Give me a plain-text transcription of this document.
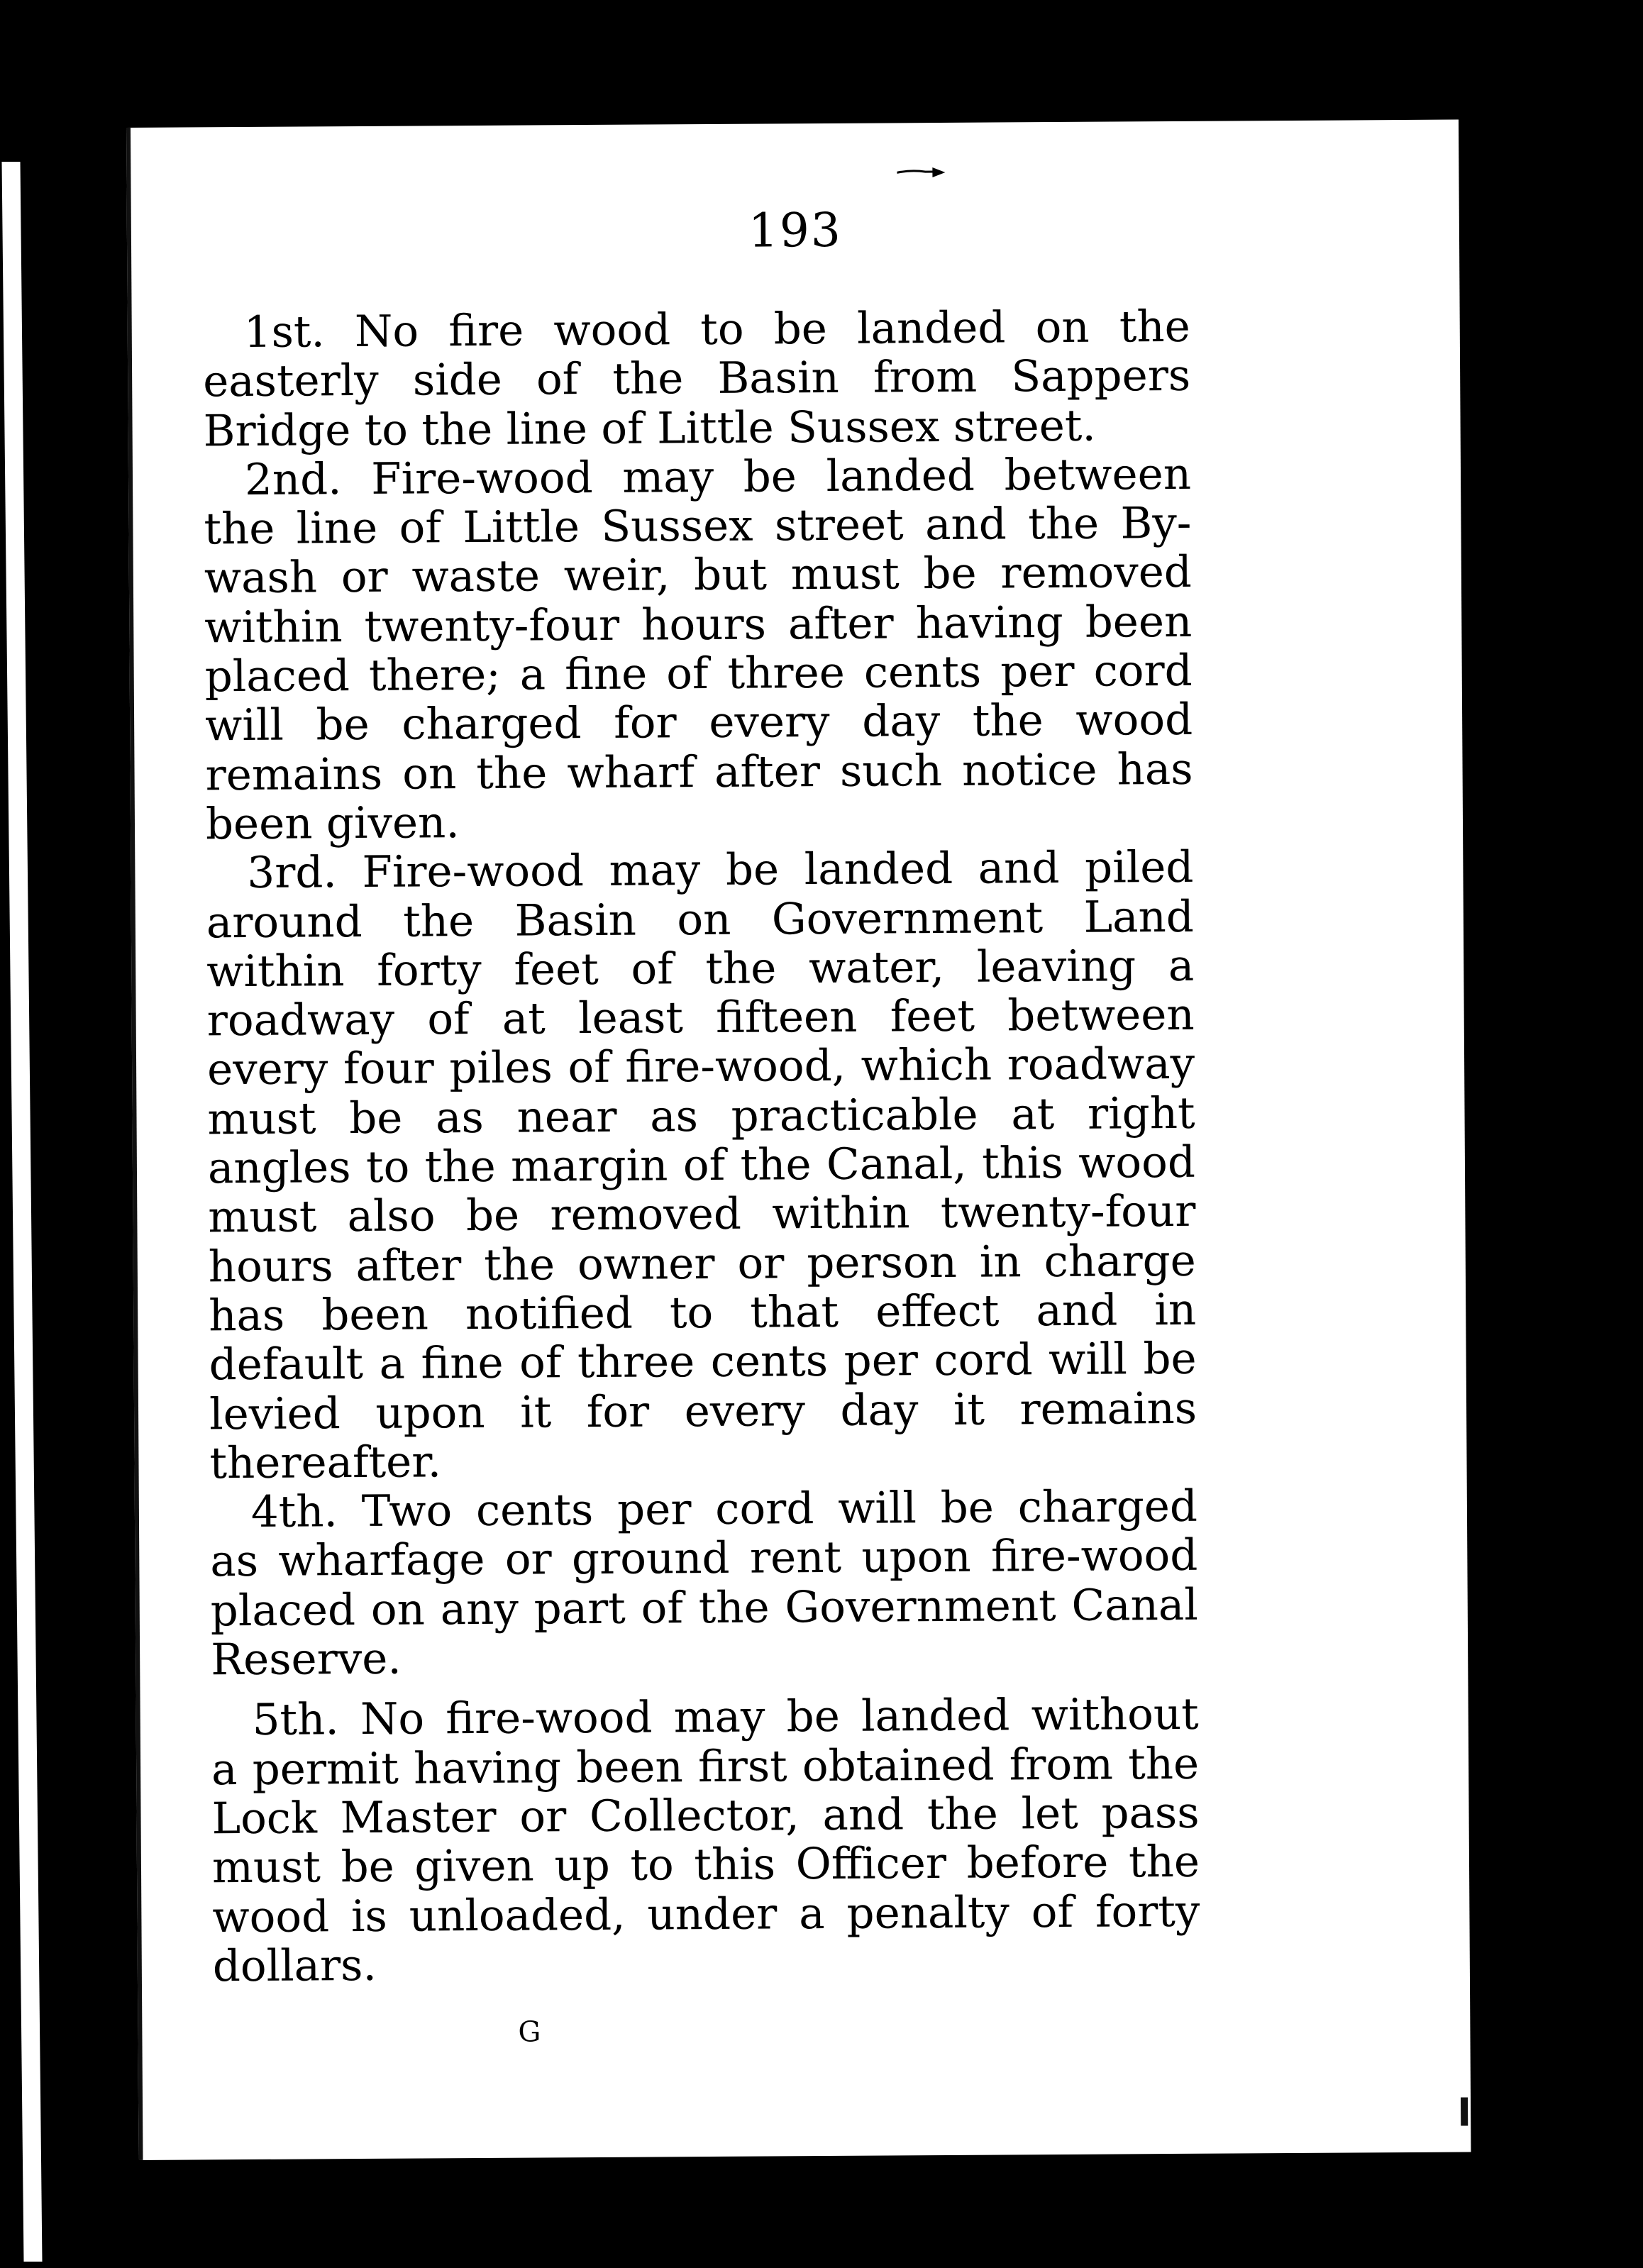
193
1st. No fire wood to be landed on the
easterly side of the Basin from Sappers
Bridge to the line of Little Sussex street.
2nd. Fire-wood may be landed between
the line of Little Sussex street and the By-
wash or waste weir, but must be removed
within twenty-four hours after having been
placed there; a fine of three cents per cord
will be charged for every day the wood
remains on the wharf after such notice has
been given.
3rd. Fire-wood may be landed and piled
around the Basin on Government Land
within forty feet of the water, leaving a
roadway of at least fifteen feet between
every four piles of fire-wood, which roadway
must be as near as practicable at right
angles to the margin of the Canal, this wood
must also be removed within twenty-four
hours after the owner or person in charge
has been notified to that effect and in
default a fine of three cents per cord will be
levied upon it for every day it remains
thereafter.
4th. Two cents per cord will be charged
as wharfage or ground rent upon fire-wood
placed on any part of the Government Canal
Reserve.
5th. No fire-wood may be landed without
a permit having been first obtained from the
Lock Master or Collector, and the let pass
must be given up to this Officer before the
wood is unloaded, under a penalty of forty
dollars.
G
